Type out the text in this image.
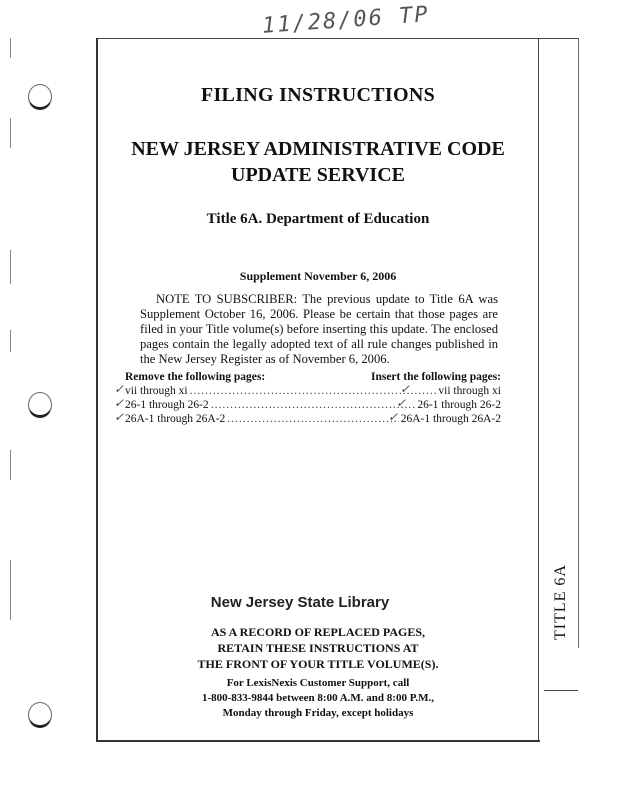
11/28/06 TP
FILING INSTRUCTIONS
NEW JERSEY ADMINISTRATIVE CODE
UPDATE SERVICE
Title 6A. Department of Education
Supplement November 6, 2006
NOTE TO SUBSCRIBER: The previous update to Title 6A was Supplement October 16, 2006. Please be certain that those pages are filed in your Title volume(s) before inserting this update. The enclosed pages contain the legally adopted text of all rule changes published in the New Jersey Register as of November 6, 2006.
Remove the following pages:	Insert the following pages:
vii through xi .....	vii through xi
26-1 through 26-2 .....	26-1 through 26-2
26A-1 through 26A-2 .....	26A-1 through 26A-2
✓
✓
✓
✓
✓
✓
New Jersey State Library
AS A RECORD OF REPLACED PAGES,
RETAIN THESE INSTRUCTIONS AT
THE FRONT OF YOUR TITLE VOLUME(S).
For LexisNexis Customer Support, call
1-800-833-9844 between 8:00 A.M. and 8:00 P.M.,
Monday through Friday, except holidays
TITLE 6A
